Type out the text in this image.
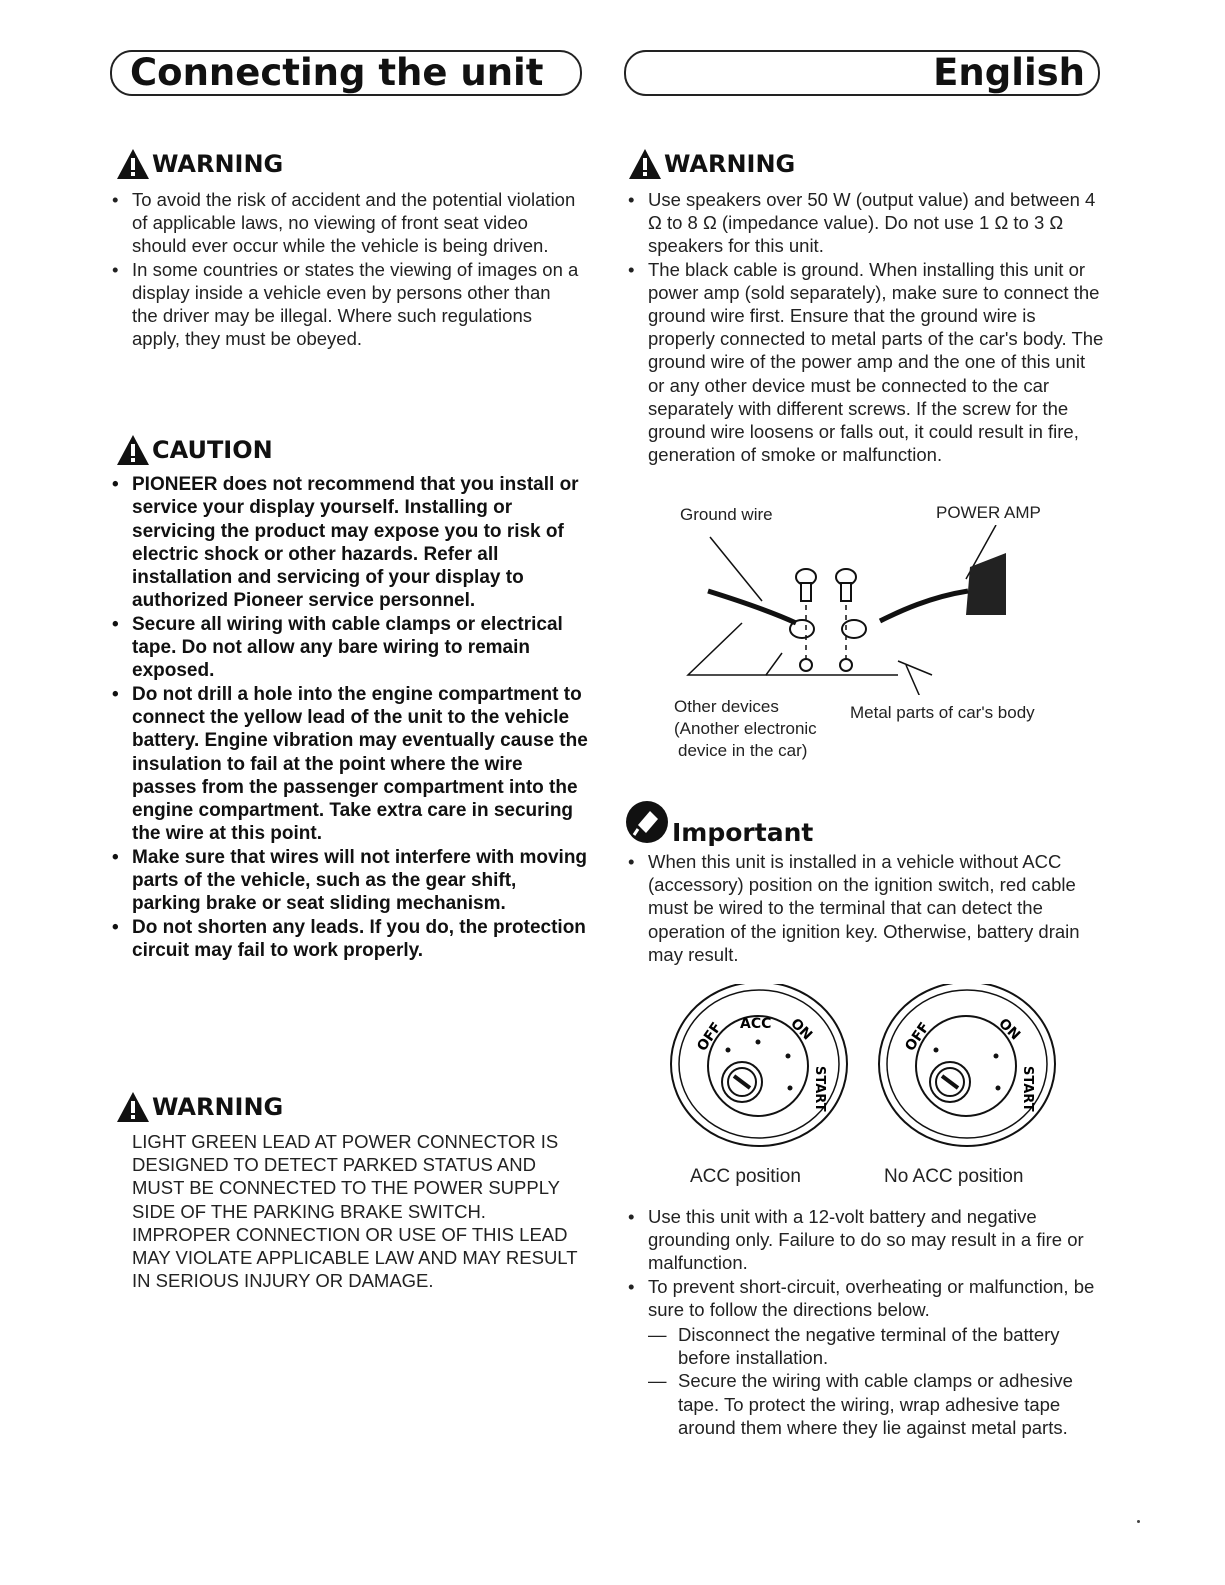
Connecting the unit	English
WARNING
• To avoid the risk of accident and the potential violation of applicable laws, no viewing of front seat video should ever occur while the vehicle is being driven.
• In some countries or states the viewing of images on a display inside a vehicle even by persons other than the driver may be illegal. Where such regulations apply, they must be obeyed.
CAUTION
• PIONEER does not recommend that you install or service your display yourself. Installing or servicing the product may expose you to risk of electric shock or other hazards. Refer all installation and servicing of your display to authorized Pioneer service personnel.
• Secure all wiring with cable clamps or electrical tape. Do not allow any bare wiring to remain exposed.
• Do not drill a hole into the engine compartment to connect the yellow lead of the unit to the vehicle battery. Engine vibration may eventually cause the insulation to fail at the point where the wire passes from the passenger compartment into the engine compartment. Take extra care in securing the wire at this point.
• Make sure that wires will not interfere with moving parts of the vehicle, such as the gear shift, parking brake or seat sliding mechanism.
• Do not shorten any leads. If you do, the protection circuit may fail to work properly.
WARNING
LIGHT GREEN LEAD AT POWER CONNECTOR IS DESIGNED TO DETECT PARKED STATUS AND MUST BE CONNECTED TO THE POWER SUPPLY SIDE OF THE PARKING BRAKE SWITCH. IMPROPER CONNECTION OR USE OF THIS LEAD MAY VIOLATE APPLICABLE LAW AND MAY RESULT IN SERIOUS INJURY OR DAMAGE.
WARNING
• Use speakers over 50 W (output value) and between 4 Ω to 8 Ω (impedance value). Do not use 1 Ω to 3 Ω speakers for this unit.
• The black cable is ground. When installing this unit or power amp (sold separately), make sure to connect the ground wire first. Ensure that the ground wire is properly connected to metal parts of the car's body. The ground wire of the power amp and the one of this unit or any other device must be connected to the car separately with different screws. If the screw for the ground wire loosens or falls out, it could result in fire, generation of smoke or malfunction.
Ground wire	POWER AMP
Other devices
(Another electronic
device in the car)
Metal parts of car's body
Important
• When this unit is installed in a vehicle without ACC (accessory) position on the ignition switch, red cable must be wired to the terminal that can detect the operation of the ignition key. Otherwise, battery drain may result.
OFF ACC ON
START
OFF	ON
START
ACC position	No ACC position
• Use this unit with a 12-volt battery and negative grounding only. Failure to do so may result in a fire or malfunction.
• To prevent short-circuit, overheating or malfunction, be sure to follow the directions below.
— Disconnect the negative terminal of the battery before installation.
— Secure the wiring with cable clamps or adhesive tape. To protect the wiring, wrap adhesive tape around them where they lie against metal parts.
